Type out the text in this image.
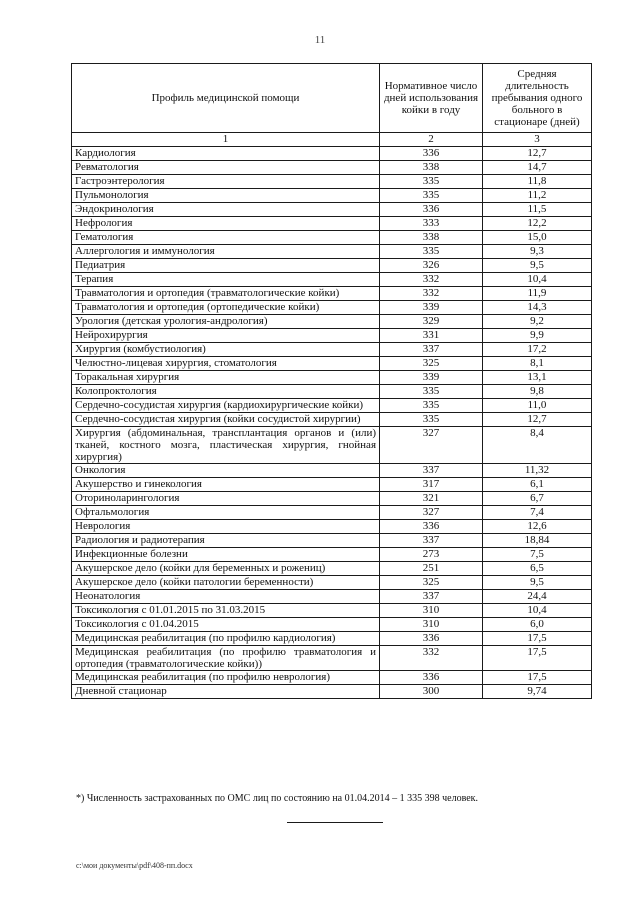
11
Профиль медицинской помощи	Нормативное число дней использования койки в году	Средняя длительность пребывания одного больного в стационаре (дней)
1	2	3
Кардиология	336	12,7
Ревматология	338	14,7
Гастроэнтерология	335	11,8
Пульмонология	335	11,2
Эндокринология	336	11,5
Нефрология	333	12,2
Гематология	338	15,0
Аллергология и иммунология	335	9,3
Педиатрия	326	9,5
Терапия	332	10,4
Травматология и ортопедия (травматологические койки)	332	11,9
Травматология и ортопедия (ортопедические койки)	339	14,3
Урология (детская урология-андрология)	329	9,2
Нейрохирургия	331	9,9
Хирургия (комбустиология)	337	17,2
Челюстно-лицевая хирургия, стоматология	325	8,1
Торакальная хирургия	339	13,1
Колопроктология	335	9,8
Сердечно-сосудистая хирургия (кардиохирургические койки)	335	11,0
Сердечно-сосудистая хирургия (койки сосудистой хирургии)	335	12,7
Хирургия (абдоминальная, трансплантация органов и (или) тканей, костного мозга, пластическая хирургия, гнойная хирургия)	327	8,4
Онкология	337	11,32
Акушерство и гинекология	317	6,1
Оториноларингология	321	6,7
Офтальмология	327	7,4
Неврология	336	12,6
Радиология и радиотерапия	337	18,84
Инфекционные болезни	273	7,5
Акушерское дело (койки для беременных и рожениц)	251	6,5
Акушерское дело (койки патологии беременности)	325	9,5
Неонатология	337	24,4
Токсикология с 01.01.2015 по 31.03.2015	310	10,4
Токсикология с 01.04.2015	310	6,0
Медицинская реабилитация (по профилю кардиология)	336	17,5
Медицинская реабилитация (по профилю травматология и ортопедия (травматологические койки))	332	17,5
Медицинская реабилитация (по профилю неврология)	336	17,5
Дневной стационар	300	9,74
*) Численность застрахованных по ОМС лиц по состоянию на 01.04.2014 – 1 335 398 человек.
c:\мои документы\pdf\408-пп.docx
